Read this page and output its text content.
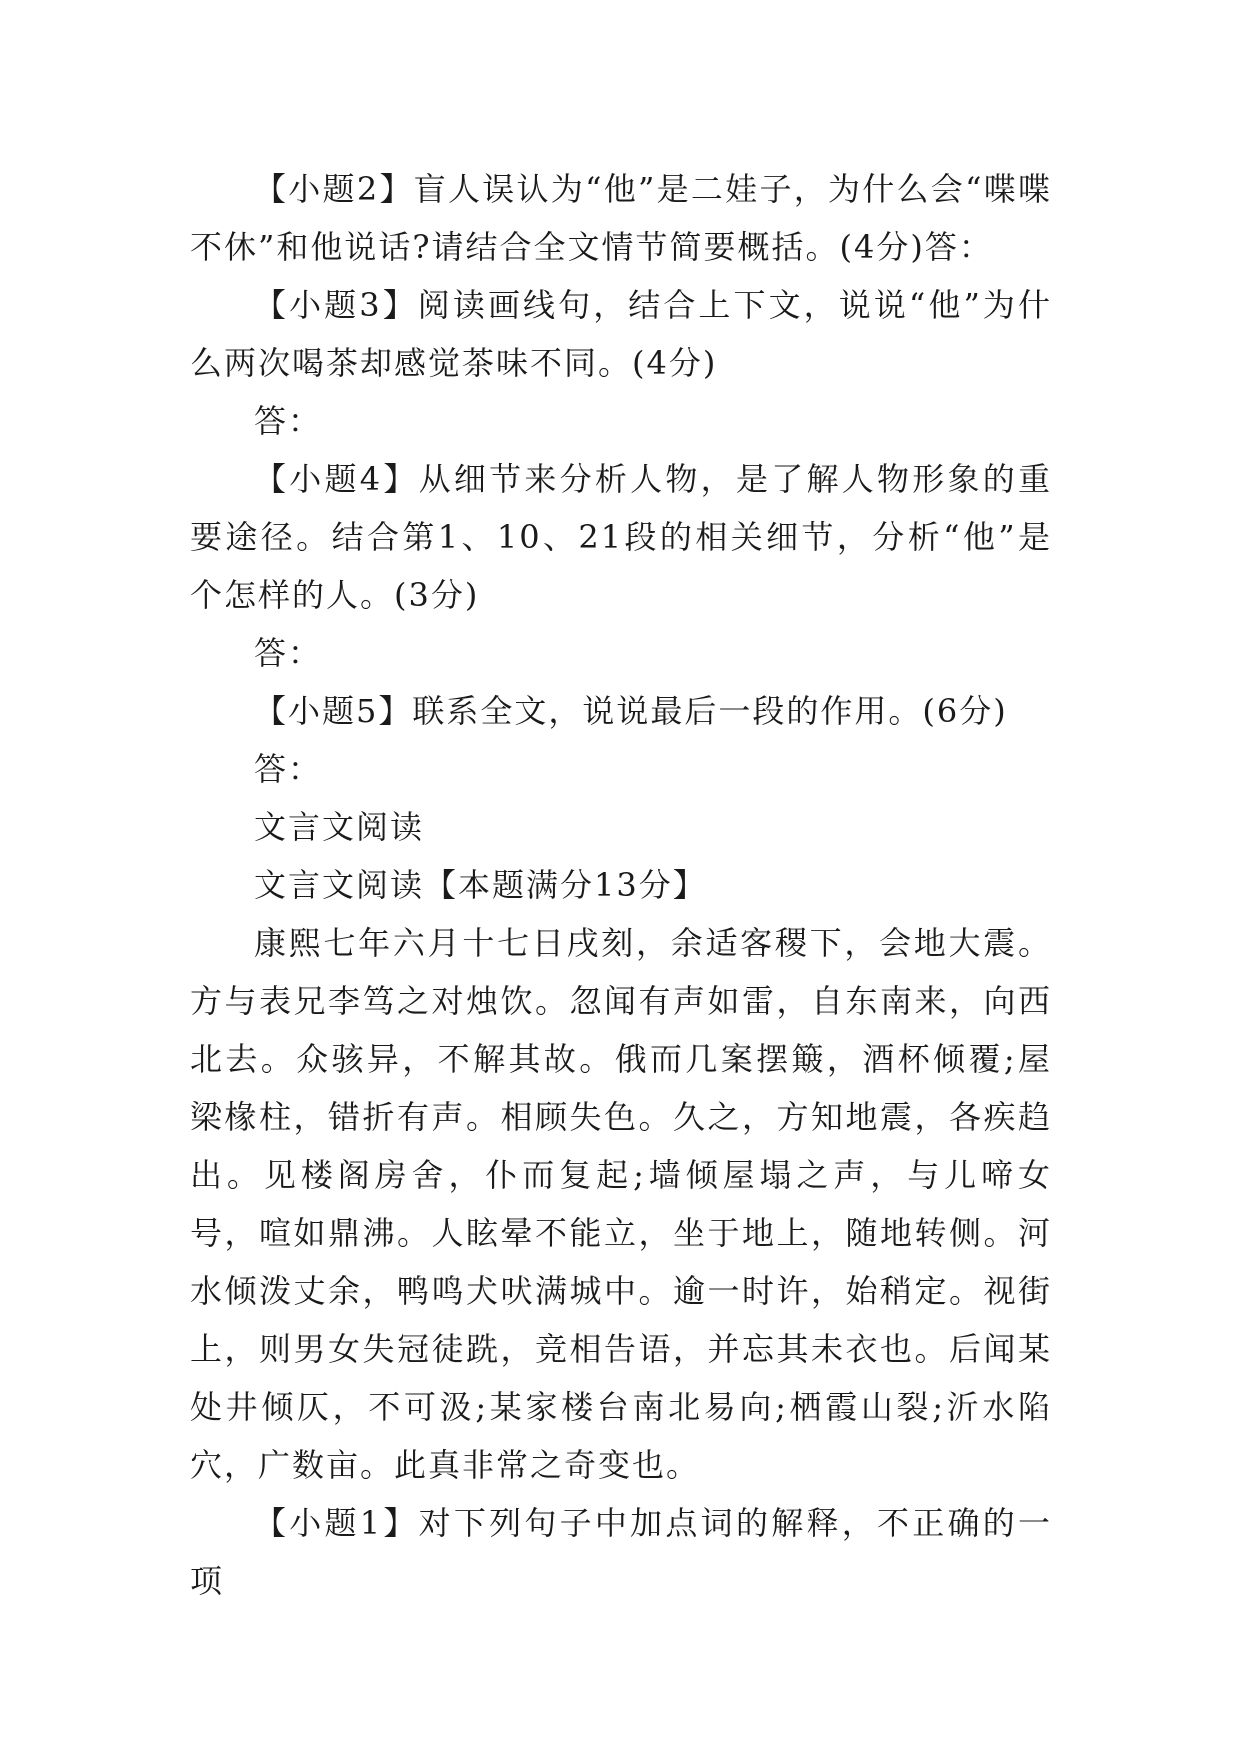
【小题2】盲人误认为“他”是二娃子，为什么会“喋喋不休”和他说话?请结合全文情节简要概括。(4分)答：

【小题3】阅读画线句，结合上下文，说说“他”为什么两次喝茶却感觉茶味不同。(4分)

答：

【小题4】从细节来分析人物，是了解人物形象的重要途径。结合第1、10、21段的相关细节，分析“他”是个怎样的人。(3分)

答：

【小题5】联系全文，说说最后一段的作用。(6分)

答：

文言文阅读

文言文阅读【本题满分13分】

康熙七年六月十七日戌刻，余适客稷下，会地大震。方与表兄李笃之对烛饮。忽闻有声如雷，自东南来，向西北去。众骇异，不解其故。俄而几案摆簸，酒杯倾覆;屋梁椽柱，错折有声。相顾失色。久之，方知地震，各疾趋出。见楼阁房舍，仆而复起;墙倾屋塌之声，与儿啼女号，喧如鼎沸。人眩晕不能立，坐于地上，随地转侧。河水倾泼丈余，鸭鸣犬吠满城中。逾一时许，始稍定。视街上，则男女失冠徒跣，竞相告语，并忘其未衣也。后闻某处井倾仄，不可汲;某家楼台南北易向;栖霞山裂;沂水陷穴，广数亩。此真非常之奇变也。

【小题1】对下列句子中加点词的解释，不正确的一项
